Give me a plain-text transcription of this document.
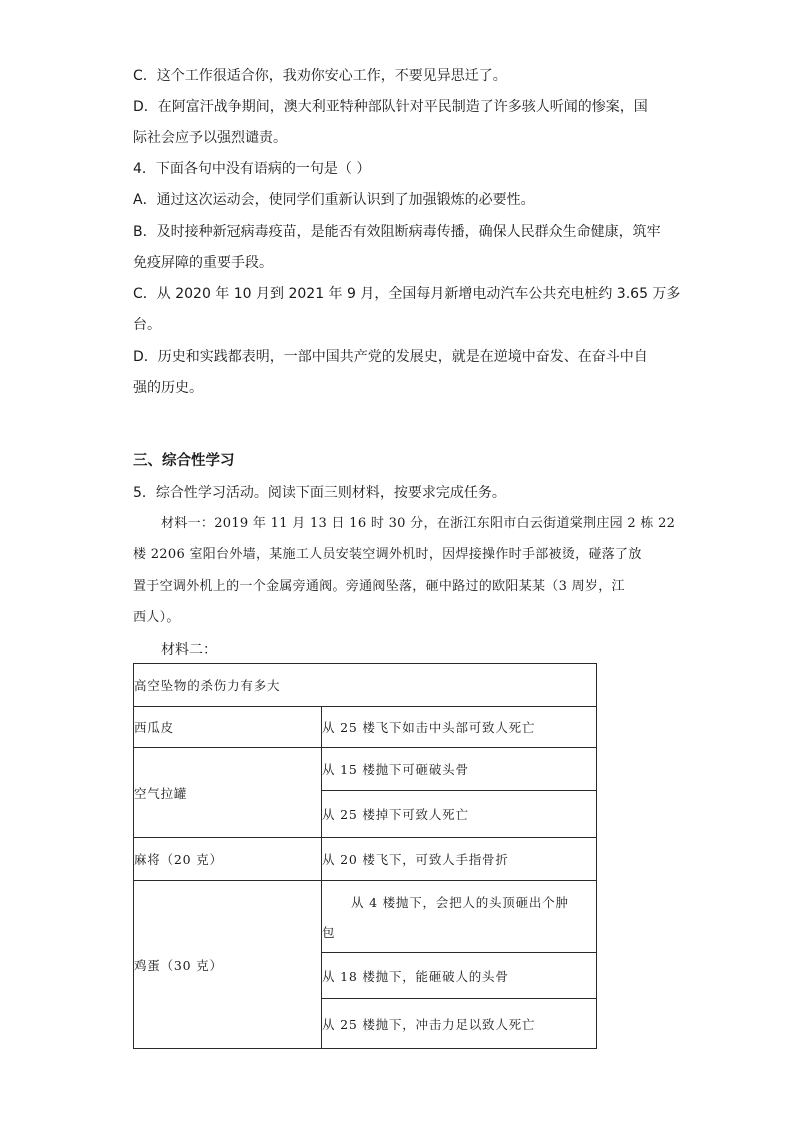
C．这个工作很适合你，我劝你安心工作，不要见异思迁了。
D．在阿富汗战争期间，澳大利亚特种部队针对平民制造了许多骇人听闻的惨案，国
际社会应予以强烈谴责。
4．下面各句中没有语病的一句是（ ）
A．通过这次运动会，使同学们重新认识到了加强锻炼的必要性。
B．及时接种新冠病毒疫苗，是能否有效阻断病毒传播，确保人民群众生命健康，筑牢
免疫屏障的重要手段。
C．从 2020 年 10 月到 2021 年 9 月，全国每月新增电动汽车公共充电桩约 3.65 万多
台。
D．历史和实践都表明，一部中国共产党的发展史，就是在逆境中奋发、在奋斗中自
强的历史。
三、综合性学习
5．综合性学习活动。阅读下面三则材料，按要求完成任务。
材料一：2019 年 11 月 13 日 16 时 30 分，在浙江东阳市白云街道棠荆庄园 2 栋 22
楼 2206 室阳台外墙，某施工人员安装空调外机时，因焊接操作时手部被烫，碰落了放
置于空调外机上的一个金属旁通阀。旁通阀坠落，砸中路过的欧阳某某（3 周岁，江
西人）。
材料二：
高空坠物的杀伤力有多大	
西瓜皮	从 25 楼飞下如击中头部可致人死亡
空气拉罐	从 15 楼抛下可砸破头骨
	从 25 楼掉下可致人死亡
麻将（20 克）	从 20 楼飞下，可致人手指骨折
鸡蛋（30 克）	从 4 楼抛下，会把人的头顶砸出个肿
包

	从 18 楼抛下，能砸破人的头骨
	从 25 楼抛下，冲击力足以致人死亡
